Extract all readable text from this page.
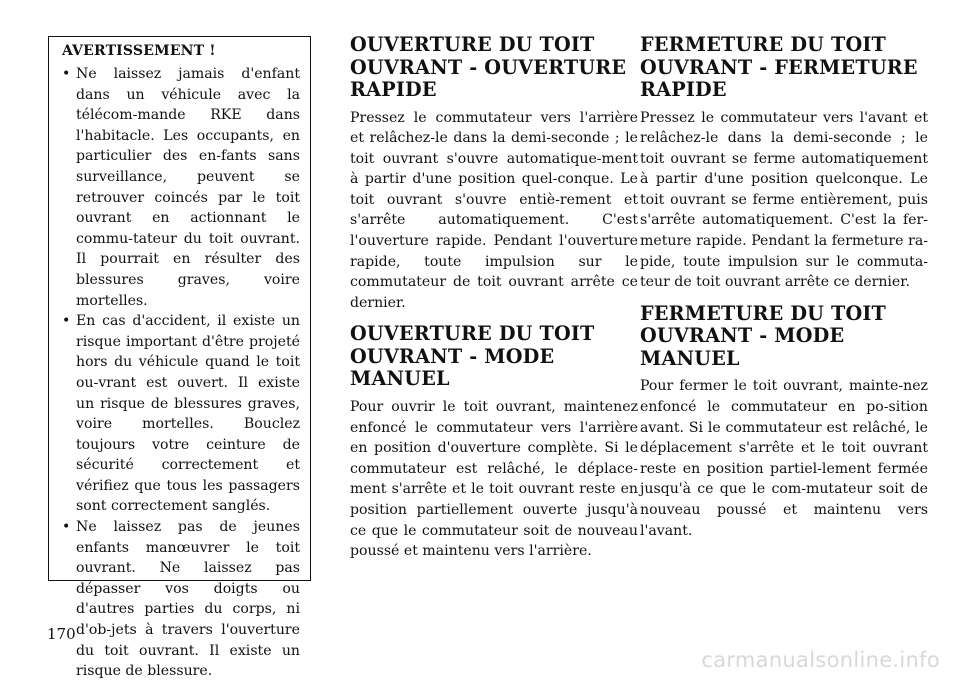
AVERTISSEMENT !
• Ne laissez jamais d'enfant dans un véhicule avec la télécom-mande RKE dans l'habitacle. Les occupants, en particulier des en-fants sans surveillance, peuvent se retrouver coincés par le toit ouvrant en actionnant le commu-tateur du toit ouvrant. Il pourrait en résulter des blessures graves, voire mortelles.
• En cas d'accident, il existe un risque important d'être projeté hors du véhicule quand le toit ou-vrant est ouvert. Il existe un risque de blessures graves, voire mortelles. Bouclez toujours votre ceinture de sécurité correctement et vérifiez que tous les passagers sont correctement sanglés.
• Ne laissez pas de jeunes enfants manœuvrer le toit ouvrant. Ne laissez pas dépasser vos doigts ou d'autres parties du corps, ni d'ob-jets à travers l'ouverture du toit ouvrant. Il existe un risque de blessure.
OUVERTURE DU TOIT OUVRANT - OUVERTURE RAPIDE

Pressez le commutateur vers l'arrière et relâchez-le dans la demi-seconde ; le toit ouvrant s'ouvre automatique-ment à partir d'une position quel-conque. Le toit ouvrant s'ouvre entiè-rement et s'arrête automatiquement. C'est l'ouverture rapide. Pendant l'ouverture rapide, toute impulsion sur le commutateur de toit ouvrant arrête ce dernier.

OUVERTURE DU TOIT OUVRANT - MODE MANUEL

Pour ouvrir le toit ouvrant, maintenez enfoncé le commutateur vers l'arrière en position d'ouverture complète. Si le commutateur est relâché, le déplace-ment s'arrête et le toit ouvrant reste en position partiellement ouverte jusqu'à ce que le commutateur soit de nouveau poussé et maintenu vers l'arrière.

FERMETURE DU TOIT OUVRANT - FERMETURE RAPIDE

Pressez le commutateur vers l'avant et relâchez-le dans la demi-seconde ; le toit ouvrant se ferme automatiquement à partir d'une position quelconque. Le toit ouvrant se ferme entièrement, puis s'arrête automatiquement. C'est la fer-meture rapide. Pendant la fermeture ra-pide, toute impulsion sur le commuta-teur de toit ouvrant arrête ce dernier.

FERMETURE DU TOIT OUVRANT - MODE MANUEL

Pour fermer le toit ouvrant, mainte-nez enfoncé le commutateur en po-sition avant. Si le commutateur est relâché, le déplacement s'arrête et le toit ouvrant reste en position partiel-lement fermée jusqu'à ce que le com-mutateur soit de nouveau poussé et maintenu vers l'avant.

170
carmanualsonline.info
